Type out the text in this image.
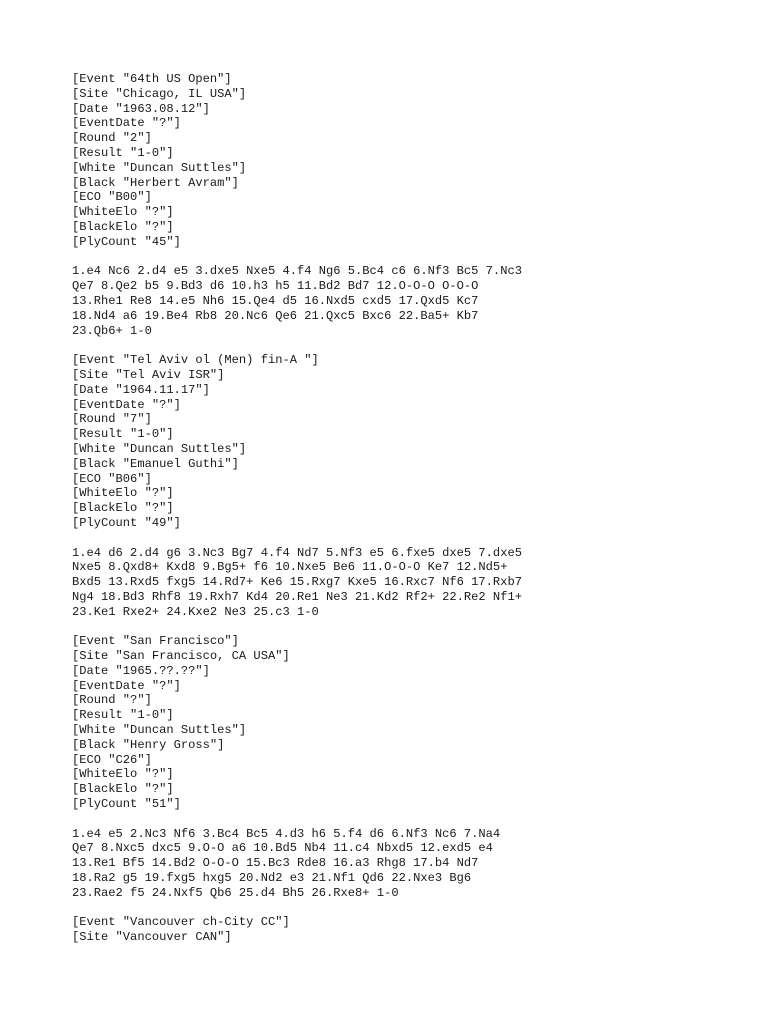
[Event "64th US Open"]
[Site "Chicago, IL USA"]
[Date "1963.08.12"]
[EventDate "?"]
[Round "2"]
[Result "1-0"]
[White "Duncan Suttles"]
[Black "Herbert Avram"]
[ECO "B00"]
[WhiteElo "?"]
[BlackElo "?"]
[PlyCount "45"]
1.e4 Nc6 2.d4 e5 3.dxe5 Nxe5 4.f4 Ng6 5.Bc4 c6 6.Nf3 Bc5 7.Nc3
Qe7 8.Qe2 b5 9.Bd3 d6 10.h3 h5 11.Bd2 Bd7 12.O-O-O O-O-O
13.Rhe1 Re8 14.e5 Nh6 15.Qe4 d5 16.Nxd5 cxd5 17.Qxd5 Kc7
18.Nd4 a6 19.Be4 Rb8 20.Nc6 Qe6 21.Qxc5 Bxc6 22.Ba5+ Kb7
23.Qb6+ 1-0
[Event "Tel Aviv ol (Men) fin-A "]
[Site "Tel Aviv ISR"]
[Date "1964.11.17"]
[EventDate "?"]
[Round "7"]
[Result "1-0"]
[White "Duncan Suttles"]
[Black "Emanuel Guthi"]
[ECO "B06"]
[WhiteElo "?"]
[BlackElo "?"]
[PlyCount "49"]
1.e4 d6 2.d4 g6 3.Nc3 Bg7 4.f4 Nd7 5.Nf3 e5 6.fxe5 dxe5 7.dxe5
Nxe5 8.Qxd8+ Kxd8 9.Bg5+ f6 10.Nxe5 Be6 11.O-O-O Ke7 12.Nd5+
Bxd5 13.Rxd5 fxg5 14.Rd7+ Ke6 15.Rxg7 Kxe5 16.Rxc7 Nf6 17.Rxb7
Ng4 18.Bd3 Rhf8 19.Rxh7 Kd4 20.Re1 Ne3 21.Kd2 Rf2+ 22.Re2 Nf1+
23.Ke1 Rxe2+ 24.Kxe2 Ne3 25.c3 1-0
[Event "San Francisco"]
[Site "San Francisco, CA USA"]
[Date "1965.??.??"]
[EventDate "?"]
[Round "?"]
[Result "1-0"]
[White "Duncan Suttles"]
[Black "Henry Gross"]
[ECO "C26"]
[WhiteElo "?"]
[BlackElo "?"]
[PlyCount "51"]
1.e4 e5 2.Nc3 Nf6 3.Bc4 Bc5 4.d3 h6 5.f4 d6 6.Nf3 Nc6 7.Na4
Qe7 8.Nxc5 dxc5 9.O-O a6 10.Bd5 Nb4 11.c4 Nbxd5 12.exd5 e4
13.Re1 Bf5 14.Bd2 O-O-O 15.Bc3 Rde8 16.a3 Rhg8 17.b4 Nd7
18.Ra2 g5 19.fxg5 hxg5 20.Nd2 e3 21.Nf1 Qd6 22.Nxe3 Bg6
23.Rae2 f5 24.Nxf5 Qb6 25.d4 Bh5 26.Rxe8+ 1-0
[Event "Vancouver ch-City CC"]
[Site "Vancouver CAN"]
